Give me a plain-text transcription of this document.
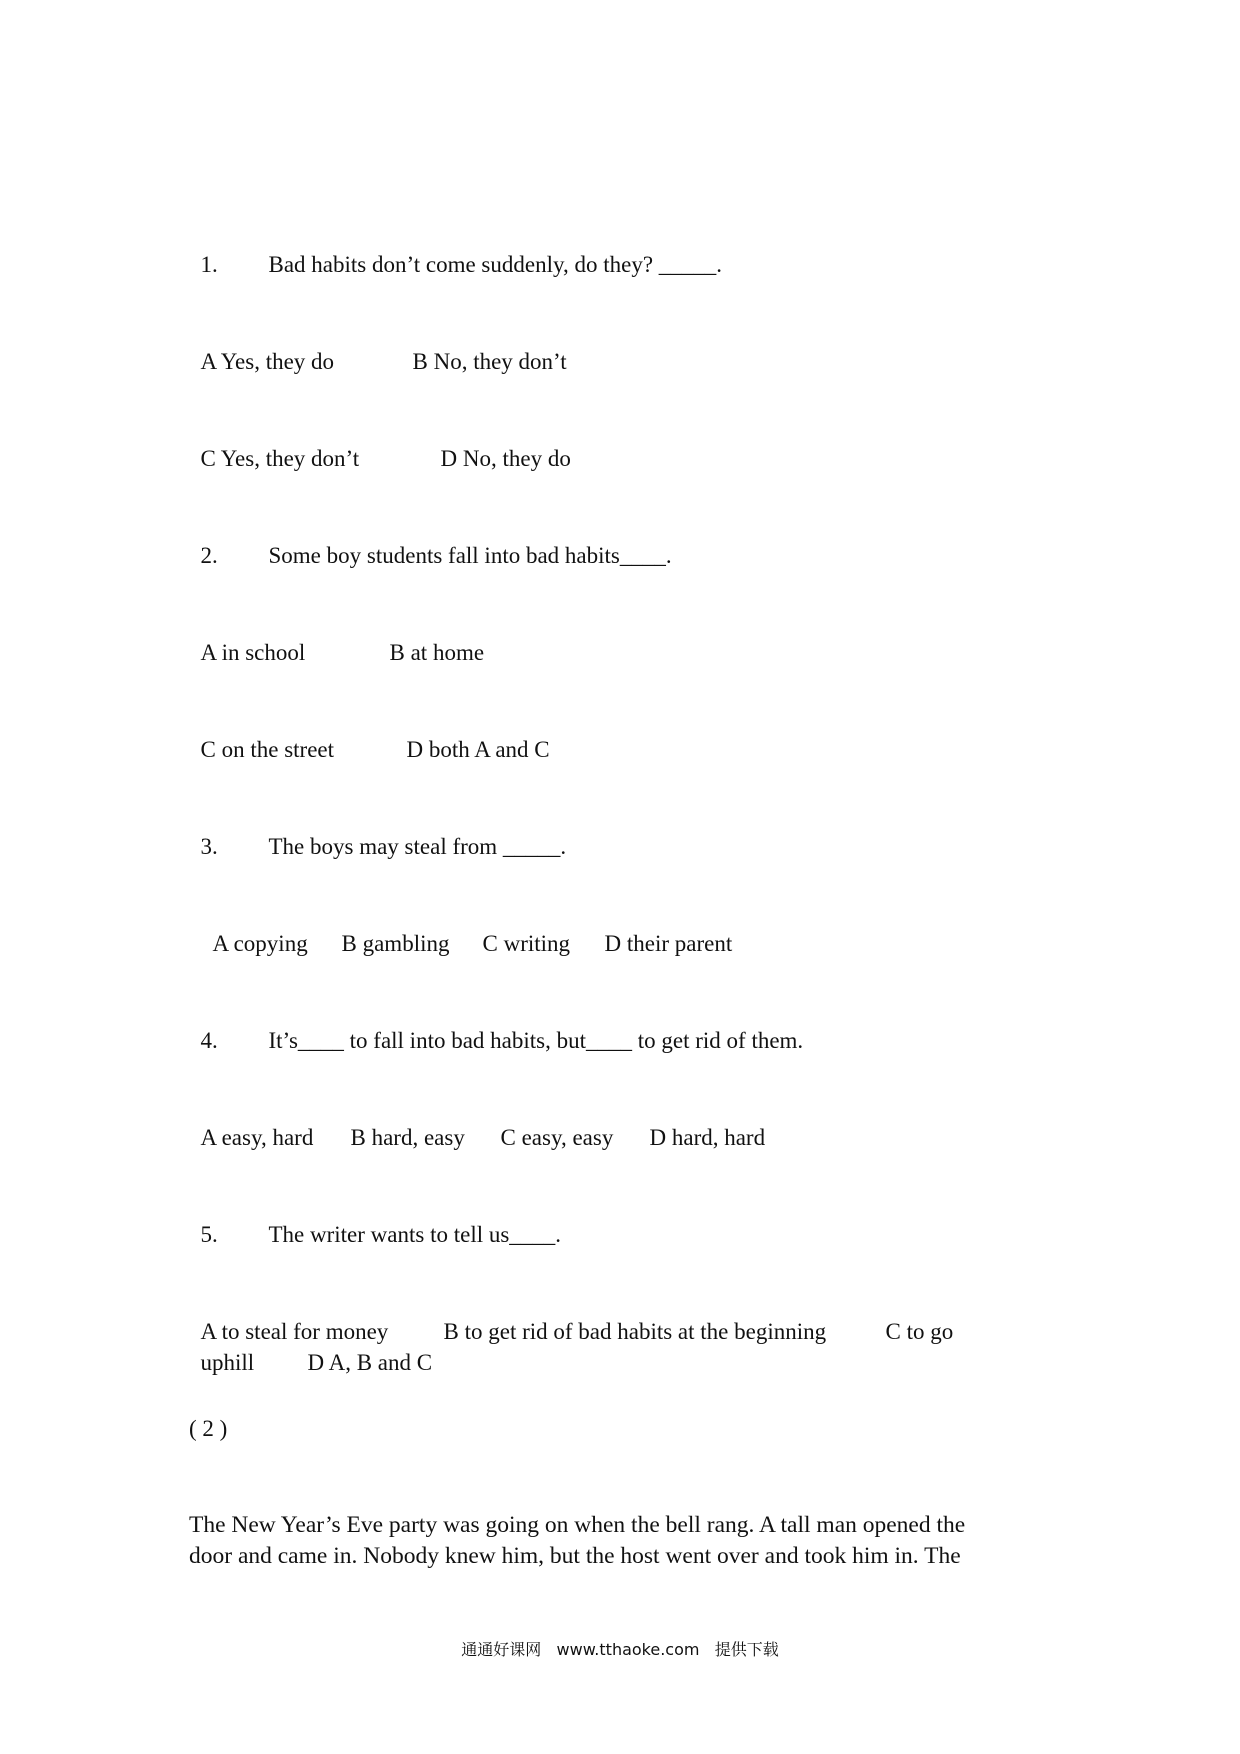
1. Bad habits don’t come suddenly, do they? _____.

A Yes, they do	B No, they don’t

C Yes, they don’t	D No, they do

2. Some boy students fall into bad habits____.

A in school	B at home

C on the street	D both A and C

3. The boys may steal from _____.

A copying B gambling C writing D their parent

4. It’s____ to fall into bad habits, but____ to get rid of them.

A easy, hard B hard, easy C easy, easy D hard, hard

5. The writer wants to tell us____.

A to steal for money B to get rid of bad habits at the beginning	C to go

uphill D A, B and C

( 2 )
The New Year’s Eve party was going on when the bell rang. A tall man opened the
door and came in. Nobody knew him, but the host went over and took him in. The
通通好课网 www.tthaoke.com 提供下载
